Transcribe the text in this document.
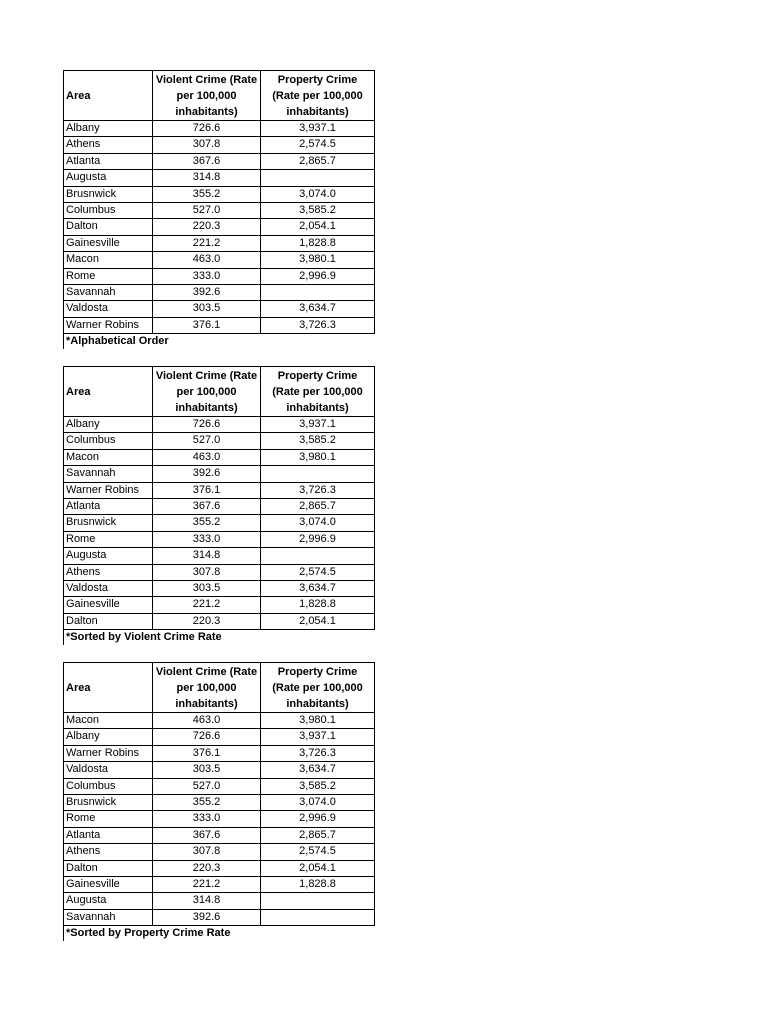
Area	Violent Crime (Rate per 100,000 inhabitants)	Property Crime (Rate per 100,000 inhabitants)
Albany	726.6	3,937.1
Athens	307.8	2,574.5
Atlanta	367.6	2,865.7
Augusta	314.8	
Brusnwick	355.2	3,074.0
Columbus	527.0	3,585.2
Dalton	220.3	2,054.1
Gainesville	221.2	1,828.8
Macon	463.0	3,980.1
Rome	333.0	2,996.9
Savannah	392.6	
Valdosta	303.5	3,634.7
Warner Robins	376.1	3,726.3
*Alphabetical Order
Area	Violent Crime (Rate per 100,000 inhabitants)	Property Crime (Rate per 100,000 inhabitants)
Albany	726.6	3,937.1
Columbus	527.0	3,585.2
Macon	463.0	3,980.1
Savannah	392.6	
Warner Robins	376.1	3,726.3
Atlanta	367.6	2,865.7
Brusnwick	355.2	3,074.0
Rome	333.0	2,996.9
Augusta	314.8	
Athens	307.8	2,574.5
Valdosta	303.5	3,634.7
Gainesville	221.2	1,828.8
Dalton	220.3	2,054.1
*Sorted by Violent Crime Rate
Area	Violent Crime (Rate per 100,000 inhabitants)	Property Crime (Rate per 100,000 inhabitants)
Macon	463.0	3,980.1
Albany	726.6	3,937.1
Warner Robins	376.1	3,726.3
Valdosta	303.5	3,634.7
Columbus	527.0	3,585.2
Brusnwick	355.2	3,074.0
Rome	333.0	2,996.9
Atlanta	367.6	2,865.7
Athens	307.8	2,574.5
Dalton	220.3	2,054.1
Gainesville	221.2	1,828.8
Augusta	314.8	
Savannah	392.6	
*Sorted by Property Crime Rate
